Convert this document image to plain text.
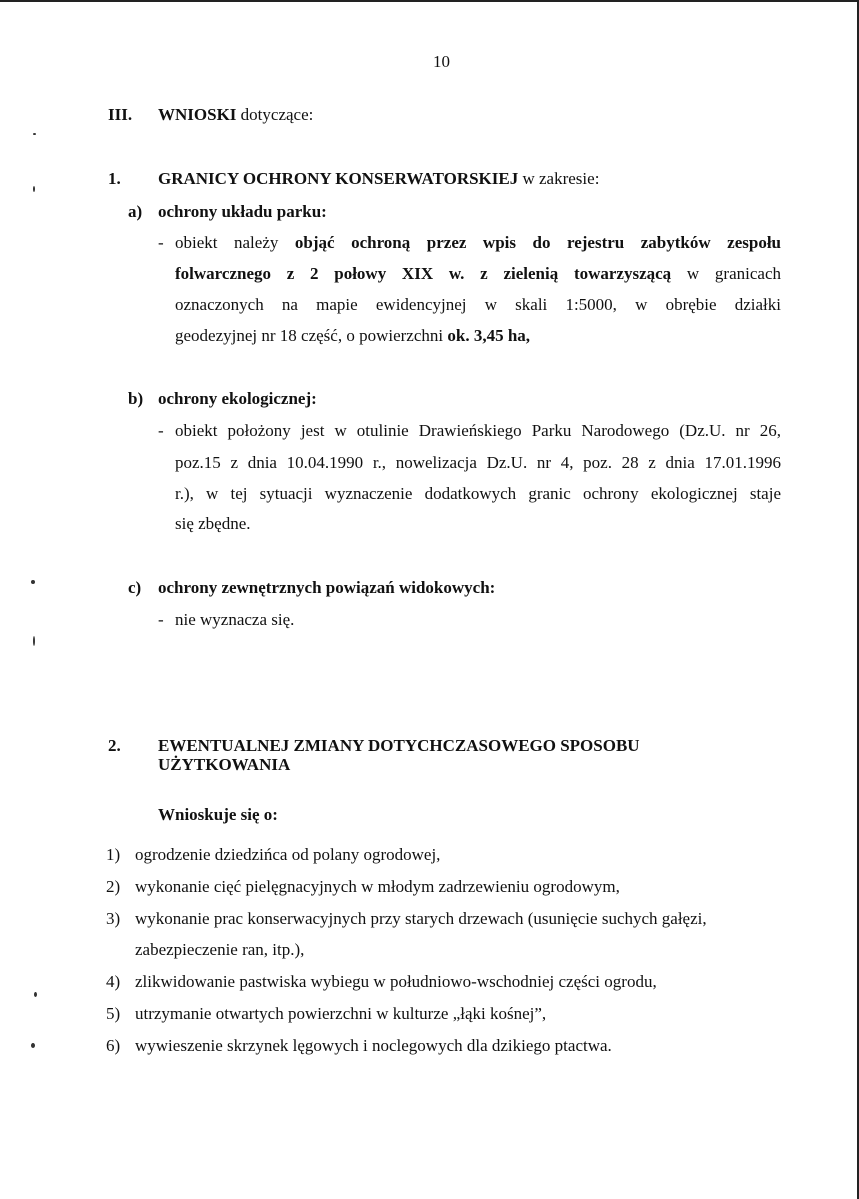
10
III. WNIOSKI dotyczące:
1. GRANICY OCHRONY KONSERWATORSKIEJ w zakresie:
a) ochrony układu parku:
- obiekt należy objąć ochroną przez wpis do rejestru zabytków zespołu
folwarcznego z 2 połowy XIX w. z zielenią towarzyszącą w granicach
oznaczonych na mapie ewidencyjnej w skali 1:5000, w obrębie działki
geodezyjnej nr 18 część, o powierzchni ok. 3,45 ha,
b) ochrony ekologicznej:
- obiekt położony jest w otulinie Drawieńskiego Parku Narodowego (Dz.U. nr 26,
poz.15 z dnia 10.04.1990 r., nowelizacja Dz.U. nr 4, poz. 28 z dnia 17.01.1996
r.), w tej sytuacji wyznaczenie dodatkowych granic ochrony ekologicznej staje
się zbędne.
c) ochrony zewnętrznych powiązań widokowych:
- nie wyznacza się.
2. EWENTUALNEJ ZMIANY DOTYCHCZASOWEGO SPOSOBU
UŻYTKOWANIA
Wnioskuje się o:
1) ogrodzenie dziedzińca od polany ogrodowej,
2) wykonanie cięć pielęgnacyjnych w młodym zadrzewieniu ogrodowym,
3) wykonanie prac konserwacyjnych przy starych drzewach (usunięcie suchych gałęzi,
zabezpieczenie ran, itp.),
4) zlikwidowanie pastwiska wybiegu w południowo-wschodniej części ogrodu,
5) utrzymanie otwartych powierzchni w kulturze „łąki kośnej”,
6) wywieszenie skrzynek lęgowych i noclegowych dla dzikiego ptactwa.
